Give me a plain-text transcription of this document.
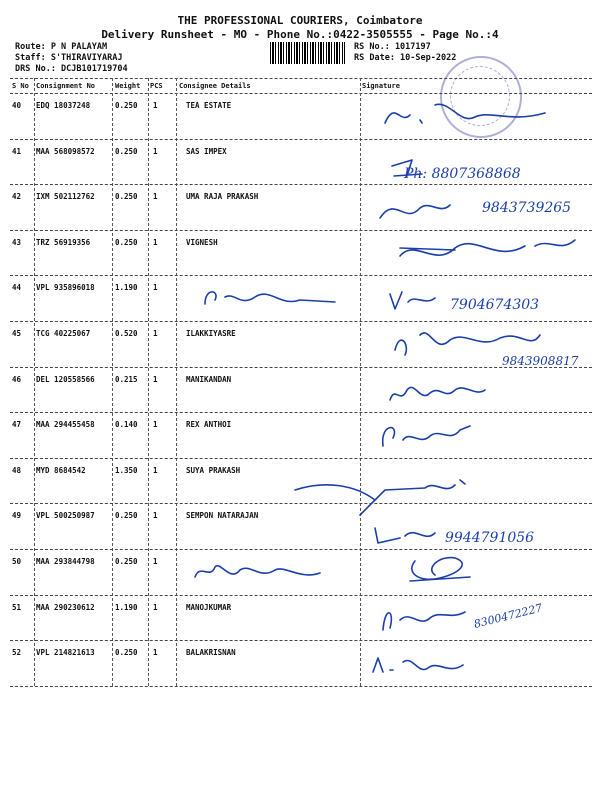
THE PROFESSIONAL COURIERS, Coimbatore
Delivery Runsheet - MO - Phone No.:0422-3505555 - Page No.:4
Route: P N PALAYAM
Staff: S'THIRAVIYARAJ
DRS No.: DCJB101719704
RS No.: 1017197
RS Date: 10-Sep-2022
S No Consignment No	Weight PCS Consignee Details	Signature
40 EDQ 18037248	0.250 1	TEA ESTATE
41 MAA 568098572	0.250 1	SAS IMPEX
42 IXM 502112762	0.250 1	UMA RAJA PRAKASH
43 TRZ 56919356	0.250 1	VIGNESH
44 VPL 935896018	1.190 1
45 TCG 40225067	0.520 1	ILAKKIYASRE
46 DEL 120558566	0.215 1	MANIKANDAN
47 MAA 294455458	0.140 1	REX ANTHOI
48 MYD 8684542	1.350 1	SUYA PRAKASH
49 VPL 500250987	0.250 1	SEMPON NATARAJAN
50 MAA 293844798	0.250 1
51 MAA 290230612	1.190 1	MANOJKUMAR
52 VPL 214821613	0.250 1	BALAKRISNAN
Ph: 8807368868
9843739265
7904674303
9843908817
9944791056
8300472227
